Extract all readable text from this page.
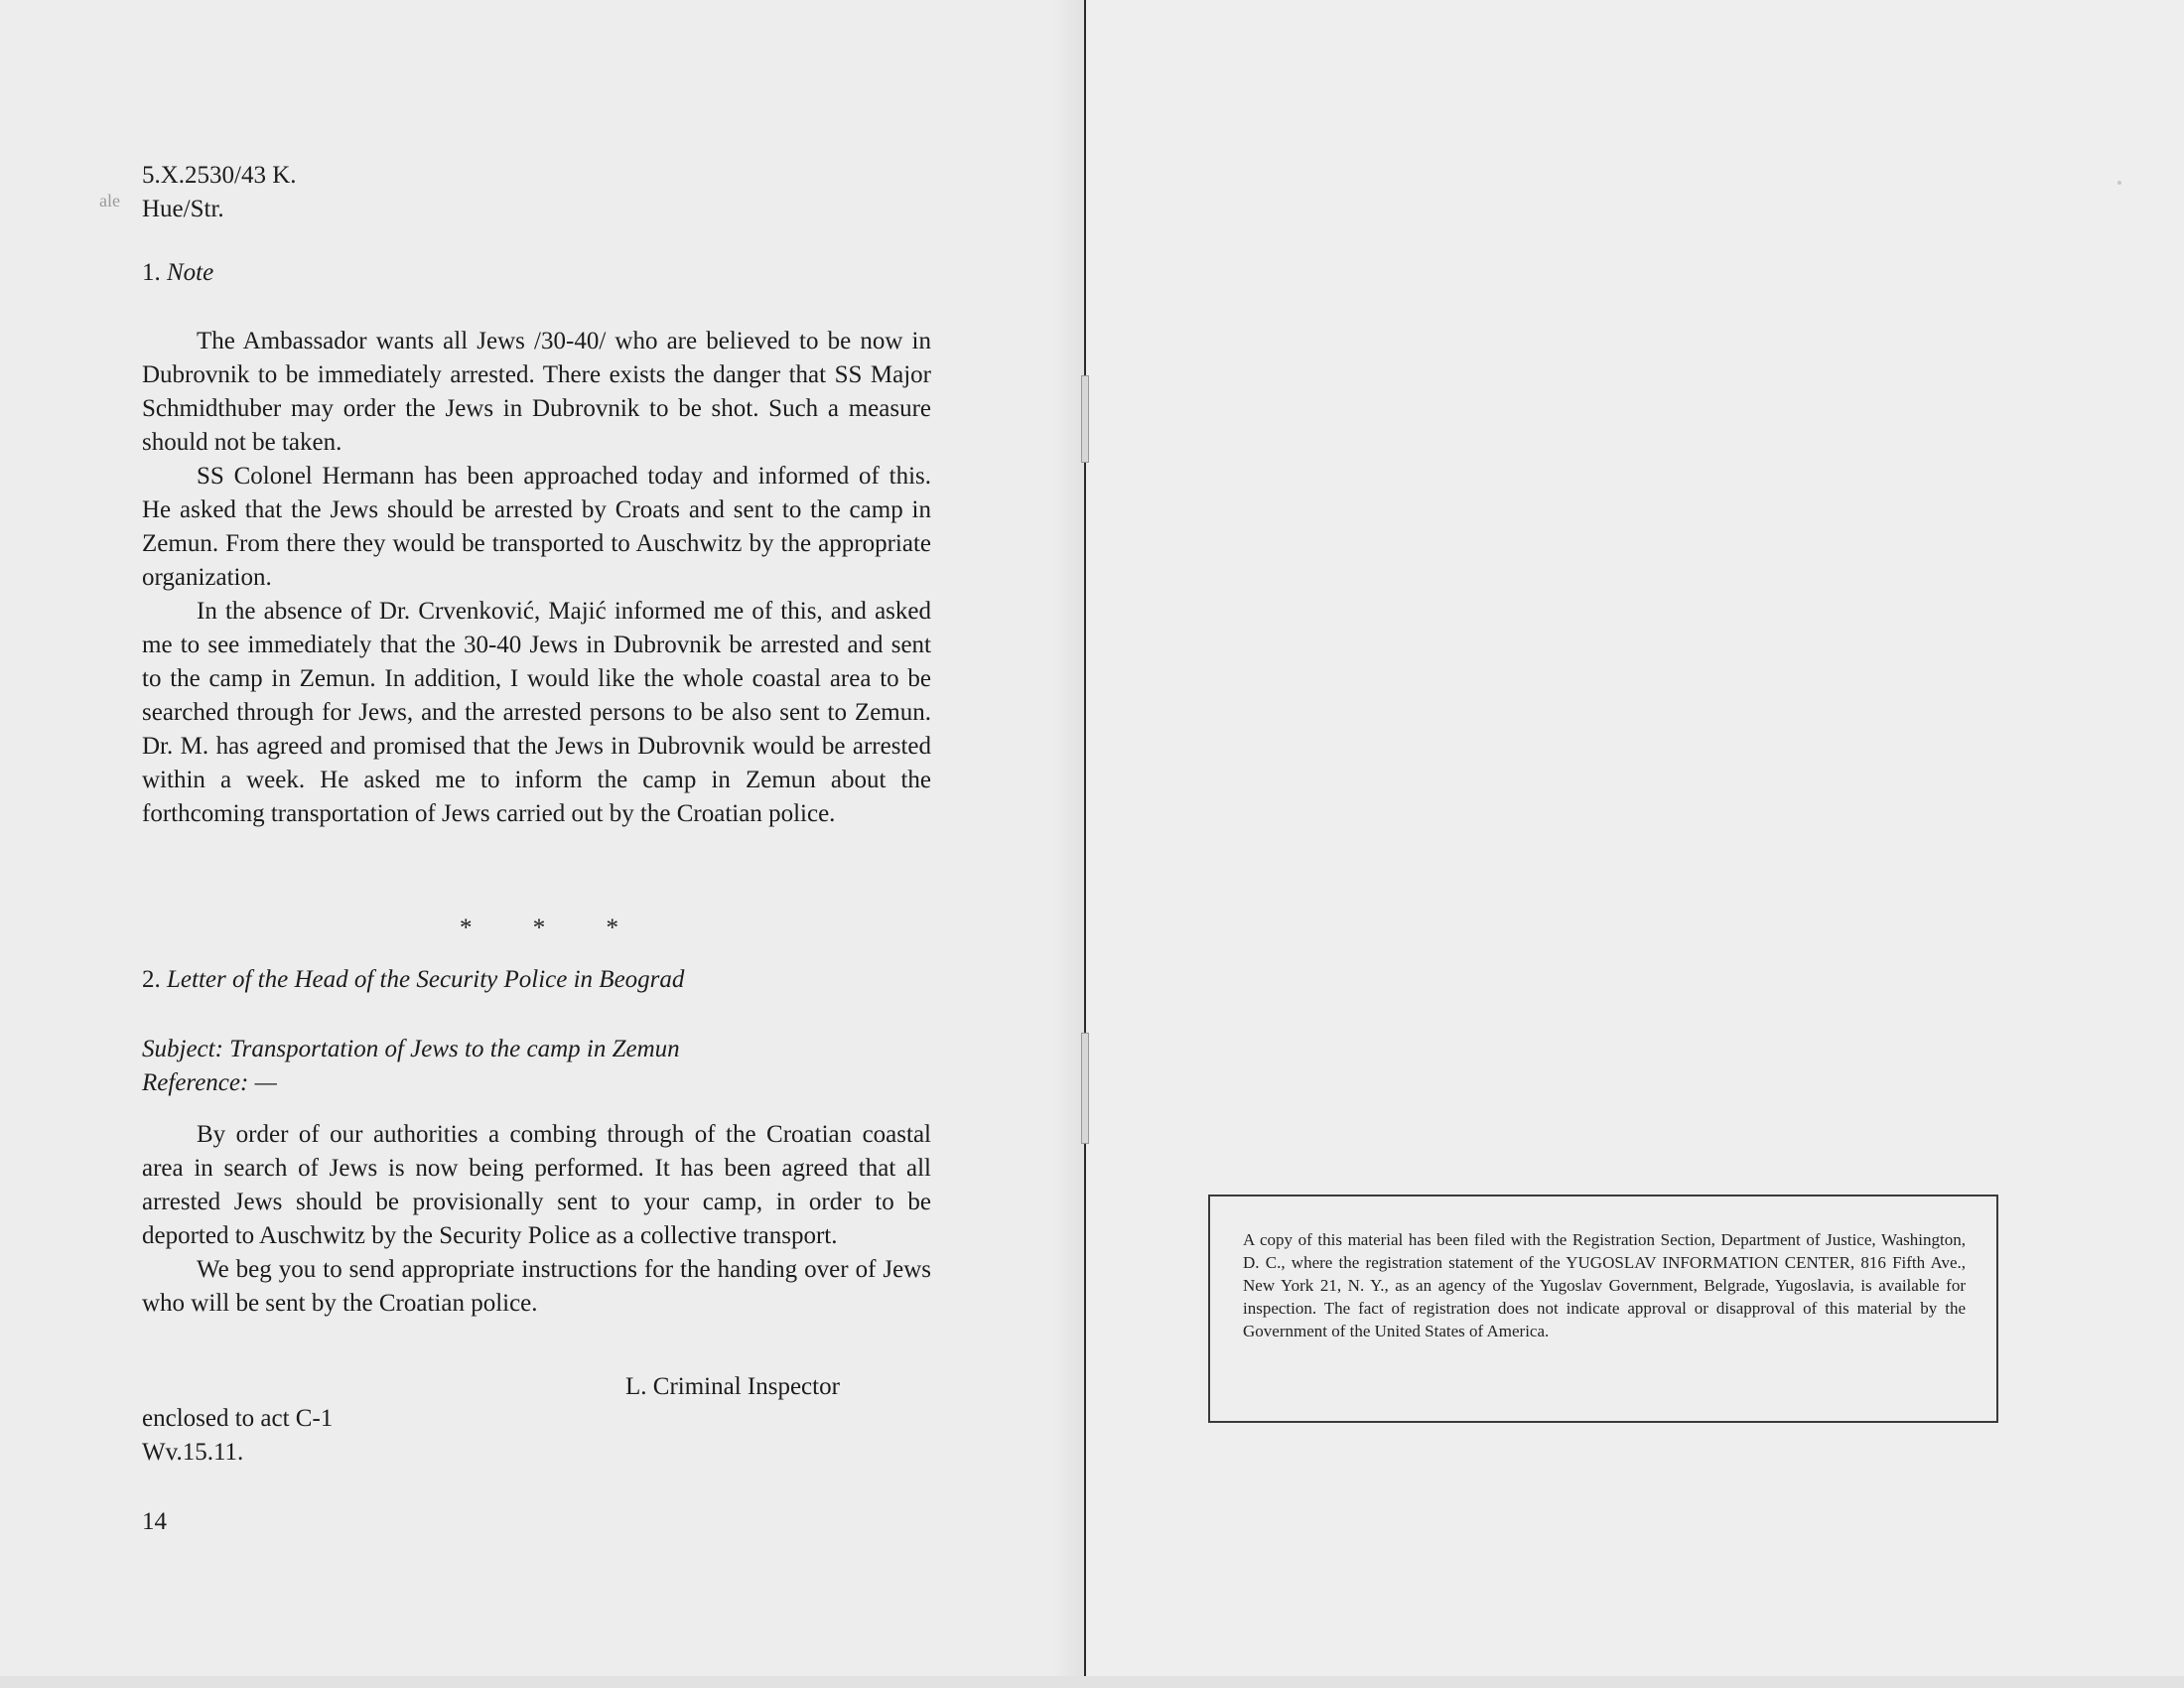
ale
5.X.2530/43 K.
Hue/Str.
1. Note

The Ambassador wants all Jews /30-40/ who are believed to be now in Dubrovnik to be immediately arrested. There exists the danger that SS Major Schmidthuber may order the Jews in Dubrovnik to be shot. Such a measure should not be taken.

SS Colonel Hermann has been approached today and informed of this. He asked that the Jews should be arrested by Croats and sent to the camp in Zemun. From there they would be transported to Auschwitz by the appropriate organization.

In the absence of Dr. Crvenković, Majić informed me of this, and asked me to see immediately that the 30-40 Jews in Dubrovnik be arrested and sent to the camp in Zemun. In addition, I would like the whole coastal area to be searched through for Jews, and the arrested persons to be also sent to Zemun. Dr. M. has agreed and promised that the Jews in Dubrovnik would be arrested within a week. He asked me to inform the camp in Zemun about the forthcoming transportation of Jews carried out by the Croatian police.

* * *
2. Letter of the Head of the Security Police in Beograd
Subject: Transportation of Jews to the camp in Zemun
Reference: —

By order of our authorities a combing through of the Croatian coastal area in search of Jews is now being performed. It has been agreed that all arrested Jews should be provisionally sent to your camp, in order to be deported to Auschwitz by the Security Police as a collective transport.

We beg you to send appropriate instructions for the handing over of Jews who will be sent by the Croatian police.

L. Criminal Inspector
enclosed to act C-1
Wv.15.11.
14
A copy of this material has been filed with the Registration Section, Department of Justice, Washington, D. C., where the registration statement of the YUGOSLAV INFORMATION CENTER, 816 Fifth Ave., New York 21, N. Y., as an agency of the Yugoslav Government, Belgrade, Yugoslavia, is available for inspection. The fact of registration does not indicate approval or disapproval of this material by the Government of the United States of America.
